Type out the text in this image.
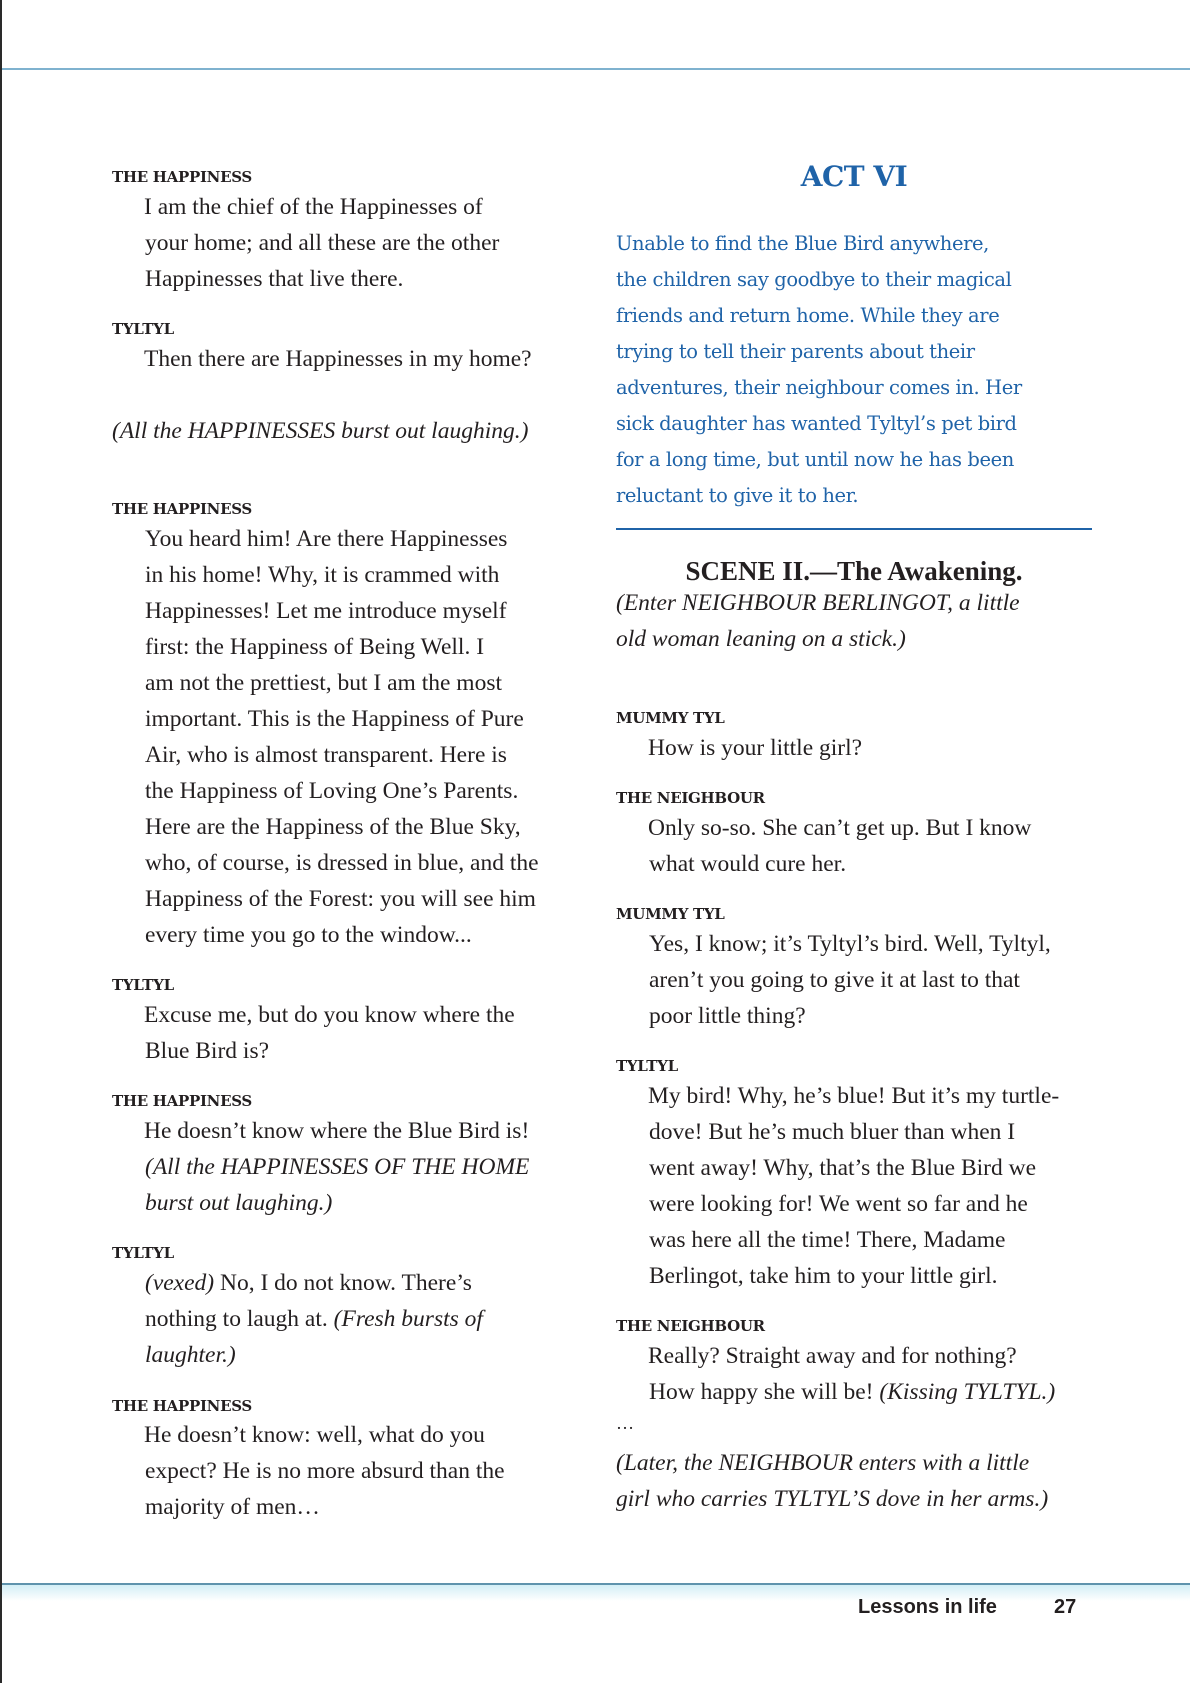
THE HAPPINESS
I am the chief of the Happinesses of
your home; and all these are the other
Happinesses that live there.
TYLTYL
Then there are Happinesses in my home?
(All the HAPPINESSES burst out laughing.)
THE HAPPINESS
You heard him! Are there Happinesses
in his home! Why, it is crammed with
Happinesses! Let me introduce myself
first: the Happiness of Being Well. I
am not the prettiest, but I am the most
important. This is the Happiness of Pure
Air, who is almost transparent. Here is
the Happiness of Loving One’s Parents.
Here are the Happiness of the Blue Sky,
who, of course, is dressed in blue, and the
Happiness of the Forest: you will see him
every time you go to the window...
TYLTYL
Excuse me, but do you know where the
Blue Bird is?
THE HAPPINESS
He doesn’t know where the Blue Bird is!
(All the HAPPINESSES OF THE HOME
burst out laughing.)
TYLTYL
(vexed) No, I do not know. There’s
nothing to laugh at. (Fresh bursts of
laughter.)
THE HAPPINESS
He doesn’t know: well, what do you
expect? He is no more absurd than the
majority of men…
ACT VI
Unable to find the Blue Bird anywhere,
the children say goodbye to their magical
friends and return home. While they are
trying to tell their parents about their
adventures, their neighbour comes in. Her
sick daughter has wanted Tyltyl’s pet bird
for a long time, but until now he has been
reluctant to give it to her.
SCENE II.—The Awakening.
(Enter NEIGHBOUR BERLINGOT, a little
old woman leaning on a stick.)
MUMMY TYL
How is your little girl?
THE NEIGHBOUR
Only so-so. She can’t get up. But I know
what would cure her.
MUMMY TYL
Yes, I know; it’s Tyltyl’s bird. Well, Tyltyl,
aren’t you going to give it at last to that
poor little thing?
TYLTYL
My bird! Why, he’s blue! But it’s my turtle-
dove! But he’s much bluer than when I
went away! Why, that’s the Blue Bird we
were looking for! We went so far and he
was here all the time! There, Madame
Berlingot, take him to your little girl.
THE NEIGHBOUR
Really? Straight away and for nothing?
How happy she will be! (Kissing TYLTYL.)
…
(Later, the NEIGHBOUR enters with a little
girl who carries TYLTYL’S dove in her arms.)
Lessons in life	27
